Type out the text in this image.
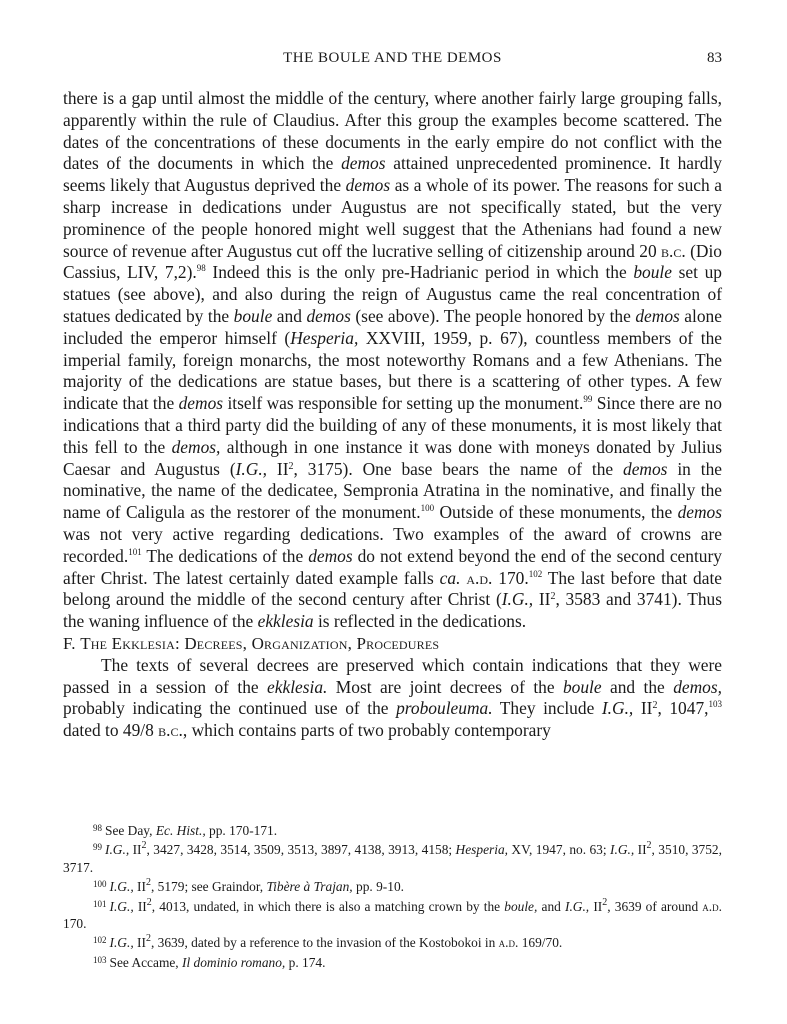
THE BOULE AND THE DEMOS	83

there is a gap until almost the middle of the century, where another fairly large grouping falls, apparently within the rule of Claudius. After this group the examples become scattered. The dates of the concentrations of these documents in the early empire do not conflict with the dates of the documents in which the demos attained unprecedented prominence. It hardly seems likely that Augustus deprived the demos as a whole of its power. The reasons for such a sharp increase in dedications under Augustus are not specifically stated, but the very prominence of the people honored might well suggest that the Athenians had found a new source of revenue after Augustus cut off the lucrative selling of citizenship around 20 b.c. (Dio Cassius, LIV, 7,2).$^{98}$ Indeed this is the only pre-Hadrianic period in which the boule set up statues (see above), and also during the reign of Augustus came the real concentration of statues dedicated by the boule and demos (see above). The people honored by the demos alone included the emperor himself (Hesperia, XXVIII, 1959, p. 67), countless members of the imperial family, foreign monarchs, the most noteworthy Romans and a few Athenians. The majority of the dedications are statue bases, but there is a scattering of other types. A few indicate that the demos itself was responsible for setting up the monument.$^{99}$ Since there are no indications that a third party did the building of any of these monuments, it is most likely that this fell to the demos, although in one instance it was done with moneys donated by Julius Caesar and Augustus (I.G., $II^2$, 3175). One base bears the name of the demos in the nominative, the name of the dedicatee, Sempronia Atratina in the nominative, and finally the name of Caligula as the restorer of the monument.$^{100}$ Outside of these monuments, the demos was not very active regarding dedications. Two examples of the award of crowns are recorded.$^{101}$ The dedications of the demos do not extend beyond the end of the second century after Christ. The latest certainly dated example falls ca. a.d. 170.$^{102}$ The last before that date belong around the middle of the second century after Christ (I.G., $II^2$, 3583 and 3741). Thus the waning influence of the ekklesia is reflected in the dedications.

F. The Ekklesia: Decrees, Organization, Procedures

The texts of several decrees are preserved which contain indications that they were passed in a session of the ekklesia. Most are joint decrees of the boule and the demos, probably indicating the continued use of the probouleuma. They include I.G., $II^2$, 1047,$^{103}$ dated to 49/8 b.c., which contains parts of two probably contemporary

$^{98}$ See Day, Ec. Hist., pp. 170-171.

$^{99}$ I.G., $II^2$, 3427, 3428, 3514, 3509, 3513, 3897, 4138, 3913, 4158; Hesperia, XV, 1947, no. 63; I.G., $II^2$, 3510, 3752, 3717.

$^{100}$ I.G., $II^2$, 5179; see Graindor, Tibère à Trajan, pp. 9-10.

$^{101}$ I.G., $II^2$, 4013, undated, in which there is also a matching crown by the boule, and I.G., $II^2$, 3639 of around a.d. 170.

$^{102}$ I.G., $II^2$, 3639, dated by a reference to the invasion of the Kostobokoi in a.d. 169/70.

$^{103}$ See Accame, Il dominio romano, p. 174.
